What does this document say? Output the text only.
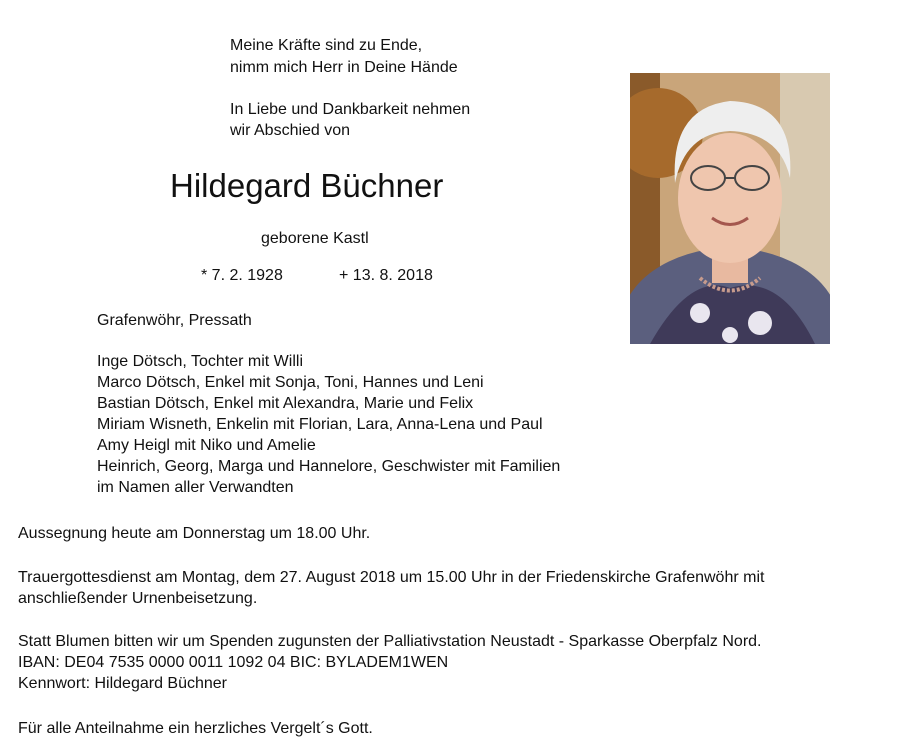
Meine Kräfte sind zu Ende,
nimm mich Herr in Deine Hände
In Liebe und Dankbarkeit nehmen
wir Abschied von
Hildegard Büchner
geborene Kastl
* 7. 2. 1928	+ 13. 8. 2018
Grafenwöhr, Pressath
Inge Dötsch, Tochter mit Willi
Marco Dötsch, Enkel mit Sonja, Toni, Hannes und Leni
Bastian Dötsch, Enkel mit Alexandra, Marie und Felix
Miriam Wisneth, Enkelin mit Florian, Lara, Anna-Lena und Paul
Amy Heigl mit Niko und Amelie
Heinrich, Georg, Marga und Hannelore, Geschwister mit Familien
im Namen aller Verwandten
Aussegnung heute am Donnerstag um 18.00 Uhr.
Trauergottesdienst am Montag, dem 27. August 2018 um 15.00 Uhr in der Friedenskirche Grafenwöhr mit
anschließender Urnenbeisetzung.
Statt Blumen bitten wir um Spenden zugunsten der Palliativstation Neustadt - Sparkasse Oberpfalz Nord.
IBAN: DE04 7535 0000 0011 1092 04 BIC: BYLADEM1WEN
Kennwort: Hildegard Büchner
Für alle Anteilnahme ein herzliches Vergelt´s Gott.
